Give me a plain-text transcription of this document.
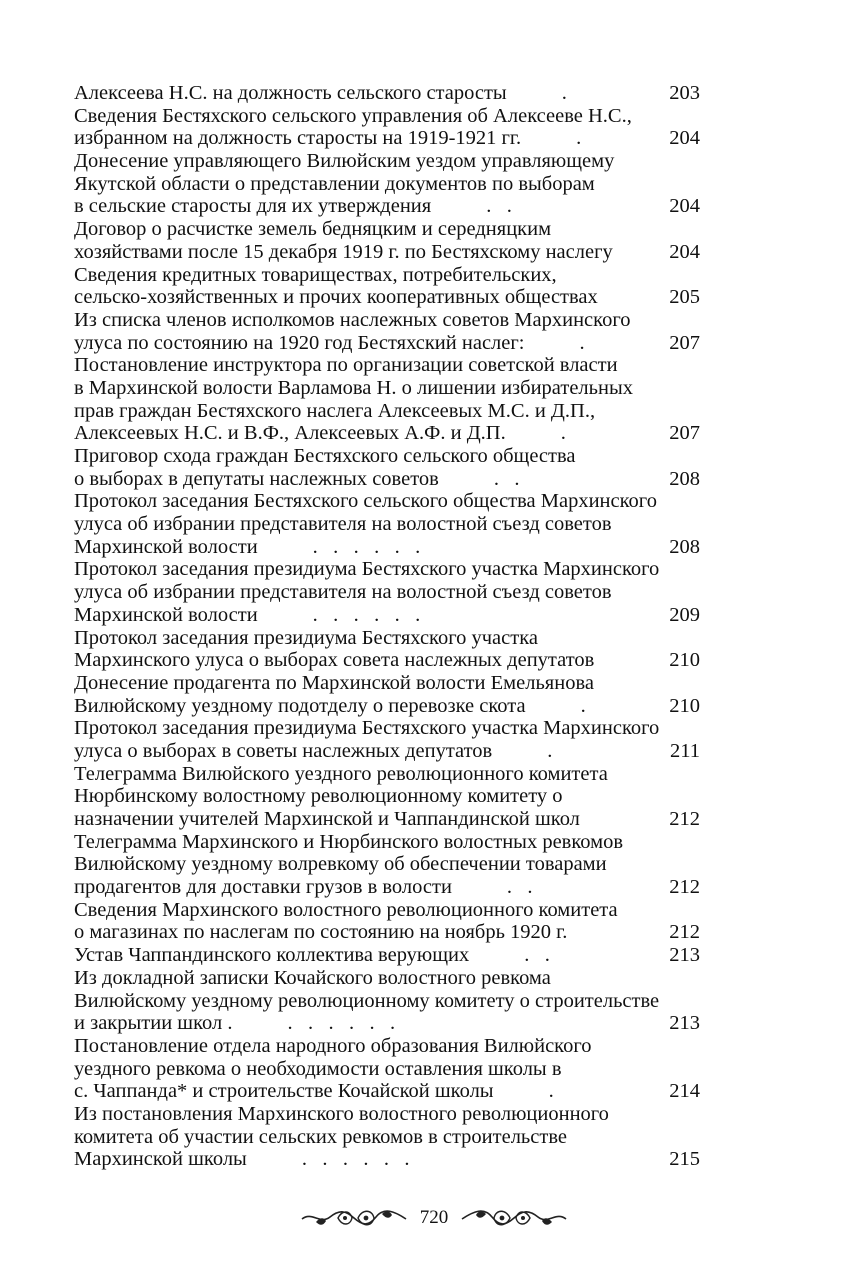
Алексеева Н.С. на должность сельского старосты	.	203
Сведения Бестяхского сельского управления об Алексееве Н.С.,
избранном на должность старосты на 1919-1921 гг.	.	204
Донесение управляющего Вилюйским уездом управляющему
Якутской области о представлении документов по выборам
в сельские старосты для их утверждения	.   .	204
Договор о расчистке земель бедняцким и середняцким
хозяйствами после 15 декабря 1919 г. по Бестяхскому наслегу	204
Сведения кредитных товариществах, потребительских,
сельско-хозяйственных и прочих кооперативных обществах	205
Из списка членов исполкомов наслежных советов Мархинского
улуса по состоянию на 1920 год Бестяхский наслег:	.	207
Постановление инструктора по организации советской власти
в Мархинской волости Варламова Н. о лишении избирательных
прав граждан Бестяхского наслега Алексеевых М.С. и Д.П.,
Алексеевых Н.С. и В.Ф., Алексеевых А.Ф. и Д.П.	.	207
Приговор схода граждан Бестяхского сельского общества
о выборах в депутаты наслежных советов	.   .	208
Протокол заседания Бестяхского сельского общества Мархинского
улуса об избрании представителя на волостной съезд советов
Мархинской волости	.   .   .   .   .   .	208
Протокол заседания президиума Бестяхского участка Мархинского
улуса об избрании представителя на волостной съезд советов
Мархинской волости	.   .   .   .   .   .	209
Протокол заседания президиума Бестяхского участка
Мархинского улуса о выборах совета наслежных депутатов	210
Донесение продагента по Мархинской волости Емельянова
Вилюйскому уездному подотделу о перевозке скота	.	210
Протокол заседания президиума Бестяхского участка Мархинского
улуса о выборах в советы наслежных депутатов	.	211
Телеграмма Вилюйского уездного революционного комитета
Нюрбинскому волостному революционному комитету о
назначении учителей Мархинской и Чаппандинской школ	212
Телеграмма Мархинского и Нюрбинского волостных ревкомов
Вилюйскому уездному волревкому об обеспечении товарами
продагентов для доставки грузов в волости	.   .	212
Сведения Мархинского волостного революционного комитета
о магазинах по наслегам по состоянию на ноябрь 1920 г.	212
Устав Чаппандинского коллектива верующих	.   .	213
Из докладной записки Кочайского волостного ревкома
Вилюйскому уездному революционному комитету о строительстве
и закрытии школ .	.   .   .   .   .   .	213
Постановление отдела народного образования Вилюйского
уездного ревкома о необходимости оставления школы в
с. Чаппанда* и строительстве Кочайской школы	.	214
Из постановления Мархинского волостного революционного
комитета об участии сельских ревкомов в строительстве
Мархинской школы	.   .   .   .   .   .	215
720
